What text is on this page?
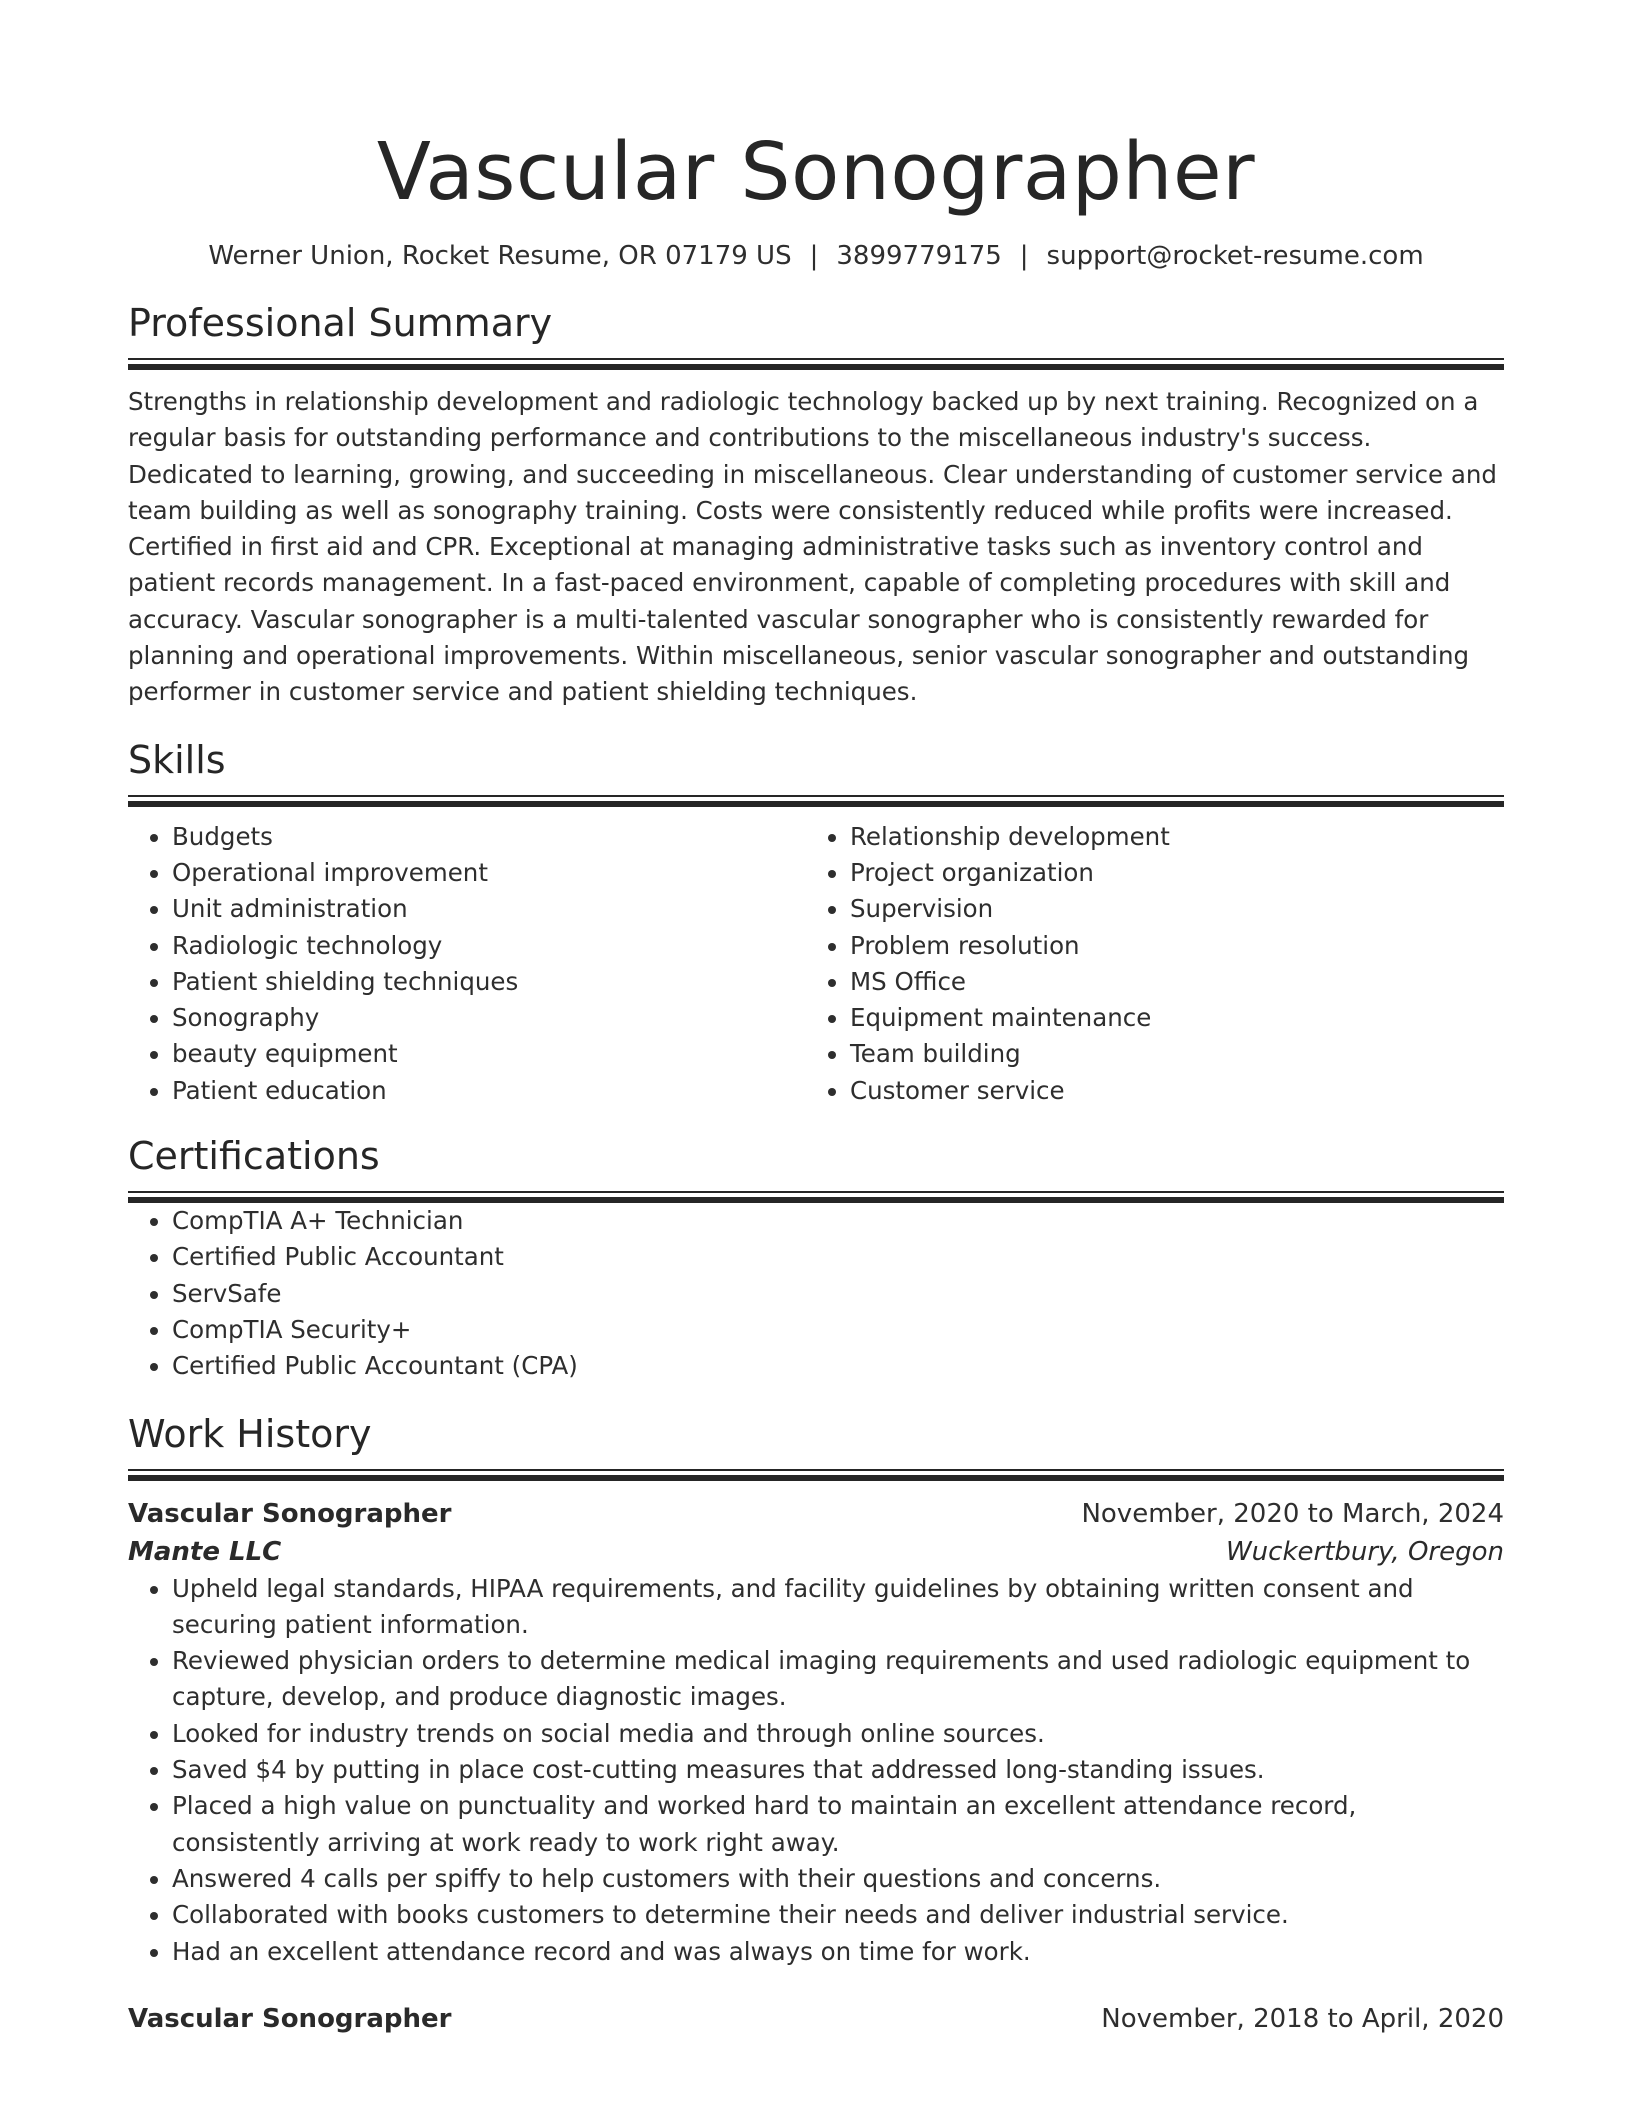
Vascular Sonographer
Werner Union, Rocket Resume, OR 07179 US | 3899779175 | support@rocket-resume.com
Professional Summary

Strengths in relationship development and radiologic technology backed up by next training. Recognized on a regular basis for outstanding performance and contributions to the miscellaneous industry's success. Dedicated to learning, growing, and succeeding in miscellaneous. Clear understanding of customer service and team building as well as sonography training. Costs were consistently reduced while profits were increased. Certified in first aid and CPR. Exceptional at managing administrative tasks such as inventory control and patient records management. In a fast-paced environment, capable of completing procedures with skill and accuracy. Vascular sonographer is a multi-talented vascular sonographer who is consistently rewarded for planning and operational improvements. Within miscellaneous, senior vascular sonographer and outstanding performer in customer service and patient shielding techniques.

Skills
• Budgets
• Operational improvement
• Unit administration
• Radiologic technology
• Patient shielding techniques
• Sonography
• beauty equipment
• Patient education
• Relationship development
• Project organization
• Supervision
• Problem resolution
• MS Office
• Equipment maintenance
• Team building
• Customer service
Certifications
• CompTIA A+ Technician
• Certified Public Accountant
• ServSafe
• CompTIA Security+
• Certified Public Accountant (CPA)
Work History
Vascular Sonographer	November, 2020 to March, 2024
Mante LLC	Wuckertbury, Oregon
• Upheld legal standards, HIPAA requirements, and facility guidelines by obtaining written consent and securing patient information.
• Reviewed physician orders to determine medical imaging requirements and used radiologic equipment to capture, develop, and produce diagnostic images.
• Looked for industry trends on social media and through online sources.
• Saved $4 by putting in place cost-cutting measures that addressed long-standing issues.
• Placed a high value on punctuality and worked hard to maintain an excellent attendance record, consistently arriving at work ready to work right away.
• Answered 4 calls per spiffy to help customers with their questions and concerns.
• Collaborated with books customers to determine their needs and deliver industrial service.
• Had an excellent attendance record and was always on time for work.
Vascular Sonographer	November, 2018 to April, 2020
